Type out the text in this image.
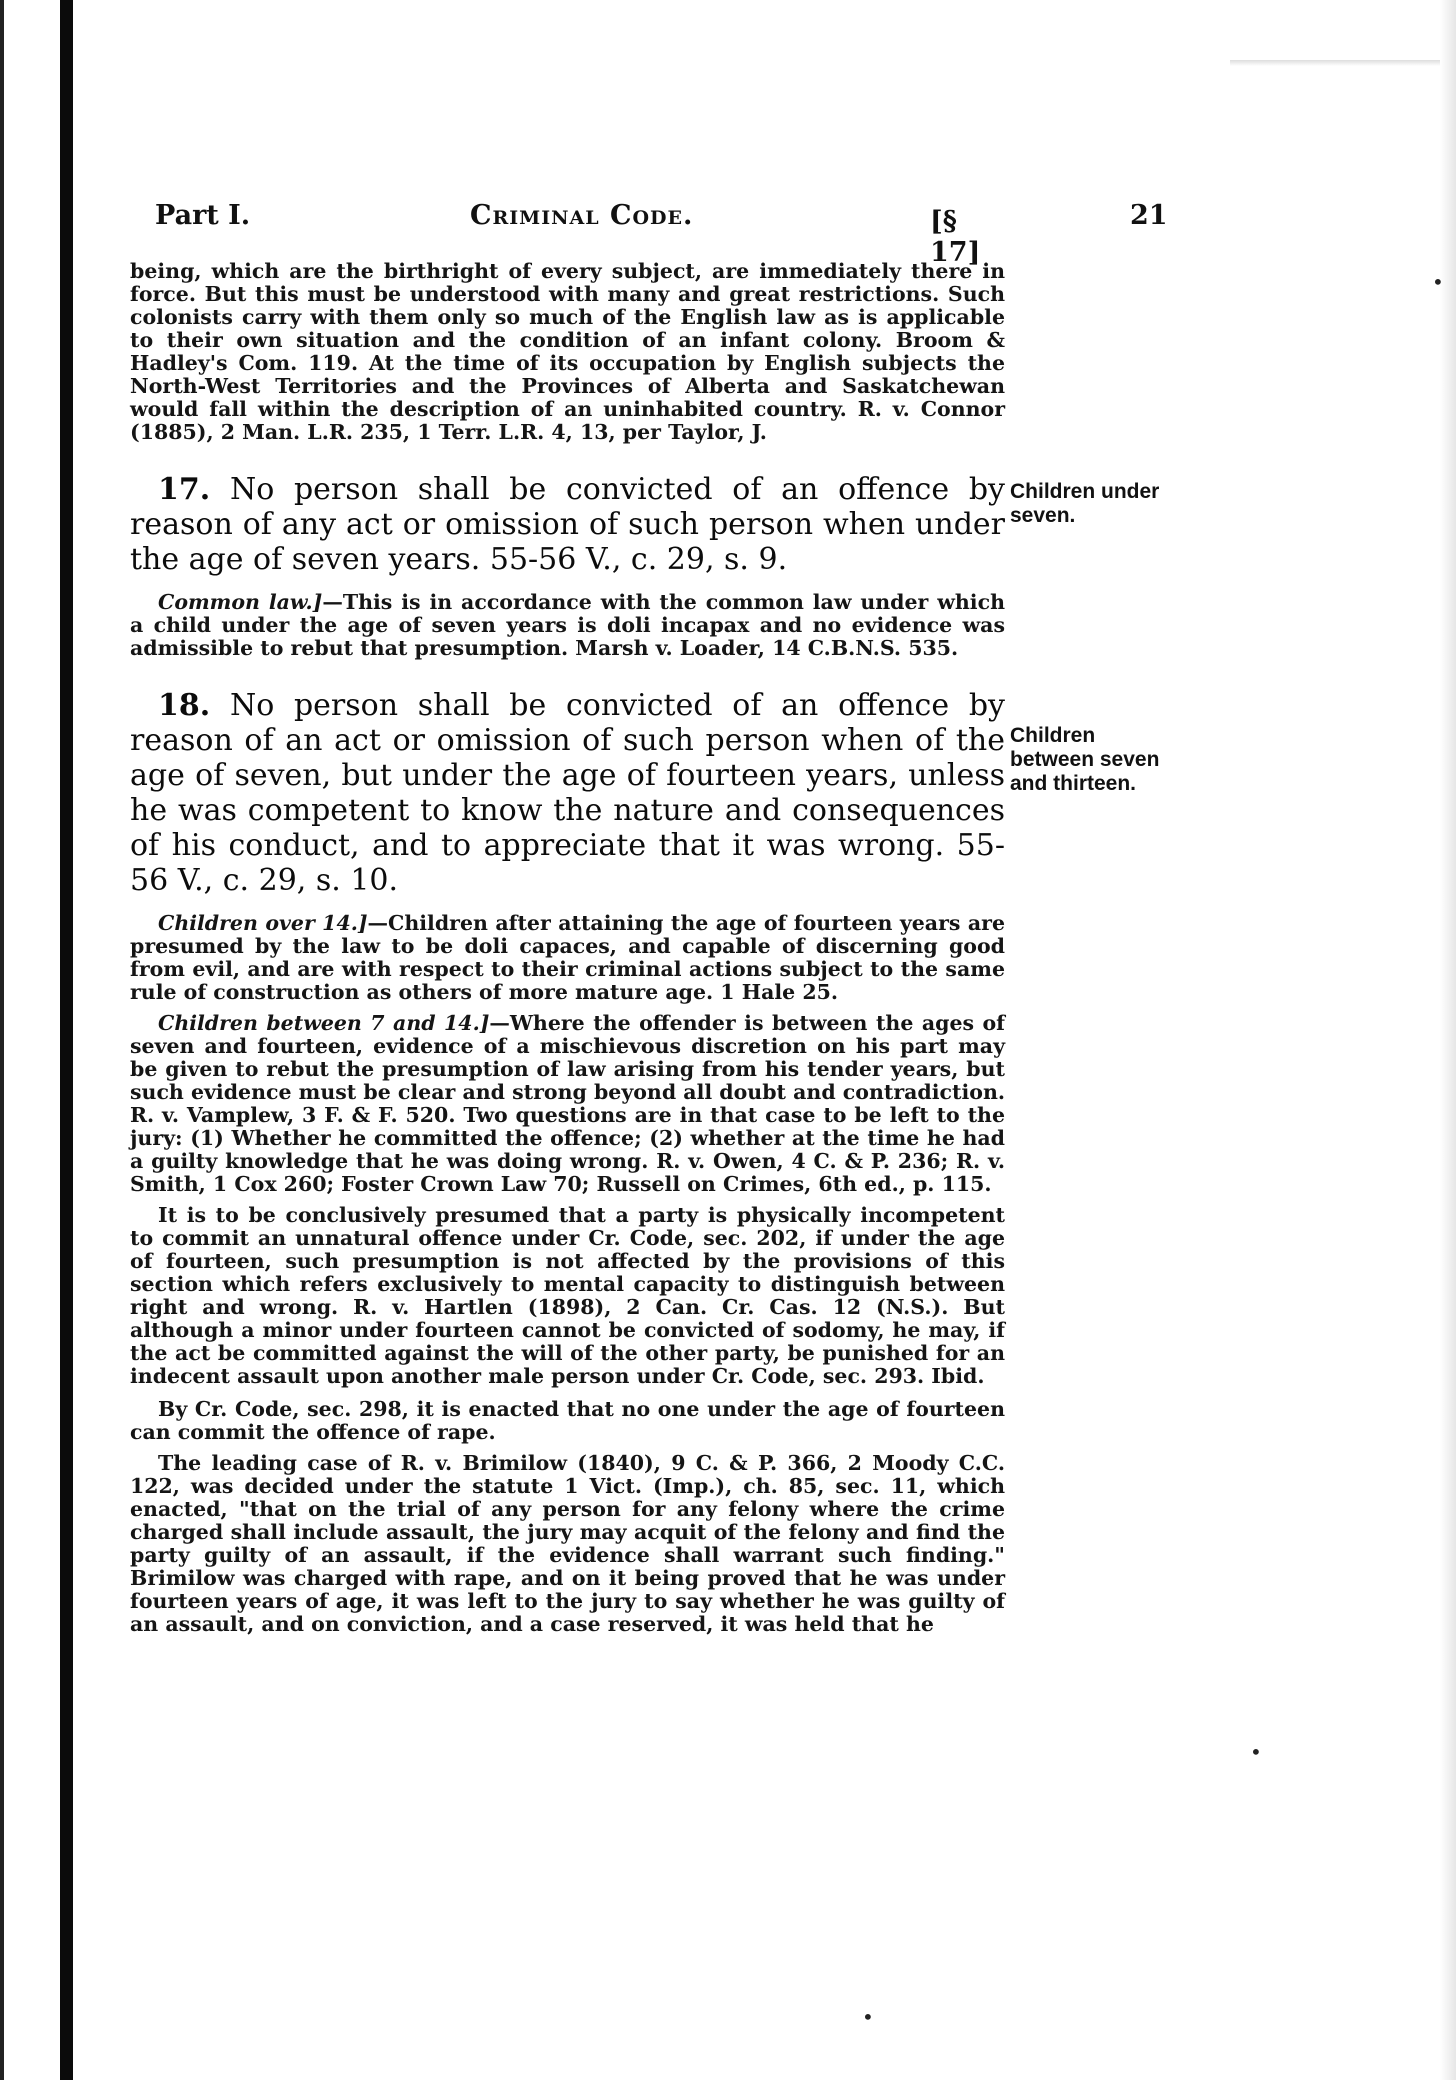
•
•
•
Part I.	Criminal Code.	[§ 17]
21

being, which are the birthright of every subject, are immediately there in force. But this must be understood with many and great restrictions. Such colonists carry with them only so much of the English law as is applicable to their own situation and the condition of an infant colony. Broom & Hadley's Com. 119. At the time of its occupation by English subjects the North-West Territories and the Provinces of Alberta and Saskatchewan would fall within the description of an uninhabited country. R. v. Connor (1885), 2 Man. L.R. 235, 1 Terr. L.R. 4, 13, per Taylor, J.

Children under seven.

17. No person shall be convicted of an offence by reason of any act or omission of such person when under the age of seven years. 55-56 V., c. 29, s. 9.

Common law.]—This is in accordance with the common law under which a child under the age of seven years is doli incapax and no evidence was admissible to rebut that presumption. Marsh v. Loader, 14 C.B.N.S. 535.

Children between seven and thirteen.

18. No person shall be convicted of an offence by reason of an act or omission of such person when of the age of seven, but under the age of fourteen years, unless he was competent to know the nature and consequences of his conduct, and to appreciate that it was wrong. 55-56 V., c. 29, s. 10.

Children over 14.]—Children after attaining the age of fourteen years are presumed by the law to be doli capaces, and capable of discerning good from evil, and are with respect to their criminal actions subject to the same rule of construction as others of more mature age. 1 Hale 25.

Children between 7 and 14.]—Where the offender is between the ages of seven and fourteen, evidence of a mischievous discretion on his part may be given to rebut the presumption of law arising from his tender years, but such evidence must be clear and strong beyond all doubt and contradiction. R. v. Vamplew, 3 F. & F. 520. Two questions are in that case to be left to the jury: (1) Whether he committed the offence; (2) whether at the time he had a guilty knowledge that he was doing wrong. R. v. Owen, 4 C. & P. 236; R. v. Smith, 1 Cox 260; Foster Crown Law 70; Russell on Crimes, 6th ed., p. 115.

It is to be conclusively presumed that a party is physically incompetent to commit an unnatural offence under Cr. Code, sec. 202, if under the age of fourteen, such presumption is not affected by the provisions of this section which refers exclusively to mental capacity to distinguish between right and wrong. R. v. Hartlen (1898), 2 Can. Cr. Cas. 12 (N.S.). But although a minor under fourteen cannot be convicted of sodomy, he may, if the act be committed against the will of the other party, be punished for an indecent assault upon another male person under Cr. Code, sec. 293. Ibid.

By Cr. Code, sec. 298, it is enacted that no one under the age of fourteen can commit the offence of rape.

The leading case of R. v. Brimilow (1840), 9 C. & P. 366, 2 Moody C.C. 122, was decided under the statute 1 Vict. (Imp.), ch. 85, sec. 11, which enacted, "that on the trial of any person for any felony where the crime charged shall include assault, the jury may acquit of the felony and find the party guilty of an assault, if the evidence shall warrant such finding." Brimilow was charged with rape, and on it being proved that he was under fourteen years of age, it was left to the jury to say whether he was guilty of an assault, and on conviction, and a case reserved, it was held that he
